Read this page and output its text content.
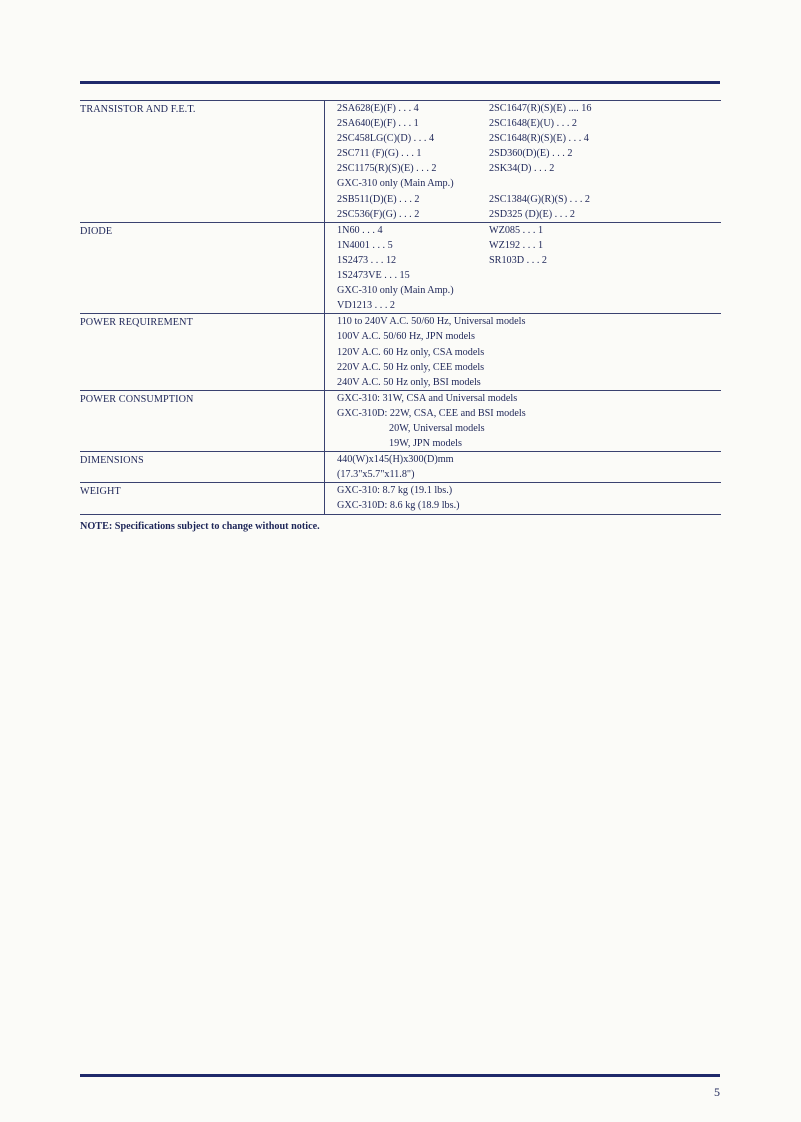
TRANSISTOR AND F.E.T.	2SA628(E)(F) . . . 4	2SC1647(R)(S)(E) .... 16
	2SA640(E)(F) . . . 1	2SC1648(E)(U) . . . 2
	2SC458LG(C)(D) . . . 4	2SC1648(R)(S)(E) . . . 4
	2SC711 (F)(G) . . . 1	2SD360(D)(E) . . . 2
	2SC1175(R)(S)(E) . . . 2	2SK34(D) . . . 2
	GXC-310 only (Main Amp.)	
	2SB511(D)(E) . . . 2	2SC1384(G)(R)(S) . . . 2
	2SC536(F)(G) . . . 2	2SD325 (D)(E) . . . 2
DIODE	1N60 . . . 4	WZ085 . . . 1
	1N4001 . . . 5	WZ192 . . . 1
	1S2473 . . . 12	SR103D . . . 2
	1S2473VE . . . 15	
	GXC-310 only (Main Amp.)	
	VD1213 . . . 2	
POWER REQUIREMENT	110 to 240V A.C. 50/60 Hz, Universal models	
	100V A.C. 50/60 Hz, JPN models	
	120V A.C. 60 Hz only, CSA models	
	220V A.C. 50 Hz only, CEE models	
	240V A.C. 50 Hz only, BSI models	
POWER CONSUMPTION	GXC-310: 31W, CSA and Universal models	
	GXC-310D: 22W, CSA, CEE and BSI models	
	20W, Universal models	
	19W, JPN models	
DIMENSIONS	440(W)x145(H)x300(D)mm	
	(17.3"x5.7"x11.8")	
WEIGHT	GXC-310: 8.7 kg (19.1 lbs.)	
	GXC-310D: 8.6 kg (18.9 lbs.)	
NOTE: Specifications subject to change without notice.
5
